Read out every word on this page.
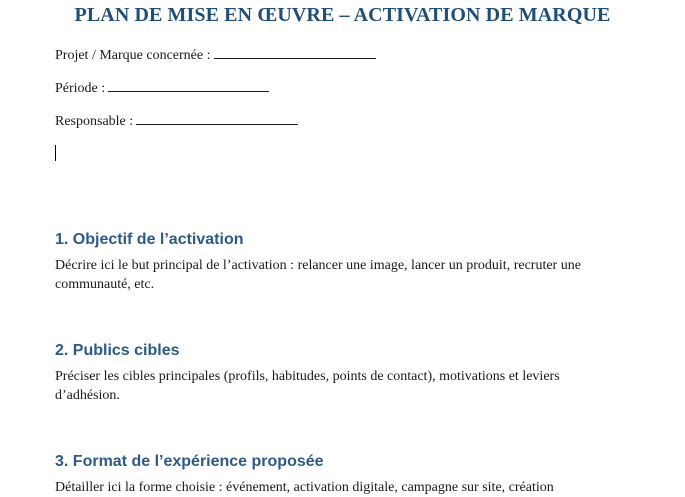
PLAN DE MISE EN ŒUVRE – ACTIVATION DE MARQUE
Projet / Marque concernée :
Période :
Responsable :
1. Objectif de l’activation
Décrire ici le but principal de l’activation : relancer une image, lancer un produit, recruter une communauté, etc.
2. Publics cibles
Préciser les cibles principales (profils, habitudes, points de contact), motivations et leviers d’adhésion.
3. Format de l’expérience proposée
Détailler ici la forme choisie : événement, activation digitale, campagne sur site, création
